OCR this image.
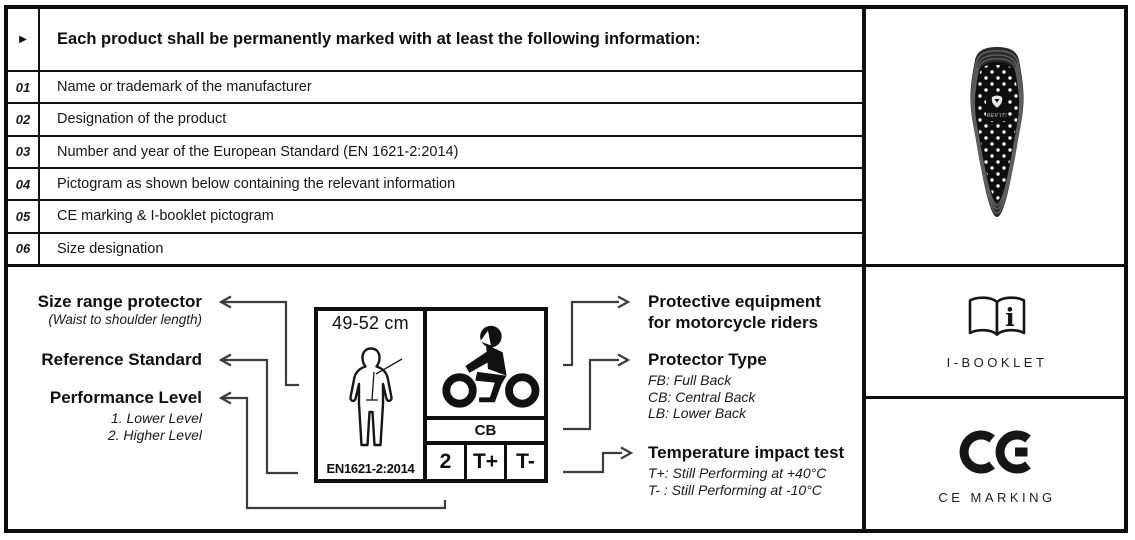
▶	Each product shall be permanently marked with at least the following information:
01	Name or trademark of the manufacturer
02	Designation of the product
03	Number and year of the European Standard (EN 1621-2:2014)
04	Pictogram as shown below containing the relevant information
05	CE marking & I-booklet pictogram
06	Size designation
Size range protector
(Waist to shoulder length)
Reference Standard
Performance Level
1. Lower Level
2. Higher Level
Protective equipment
for motorcycle riders
Protector Type
FB: Full Back
CB: Central Back
LB: Lower Back
Temperature impact test
T+: Still Performing at +40°C
T- : Still Performing at -10°C
49-52 cm
EN1621-2:2014
CB
2	T+ T-
REV'IT!
i
I-BOOKLET
CE MARKING
